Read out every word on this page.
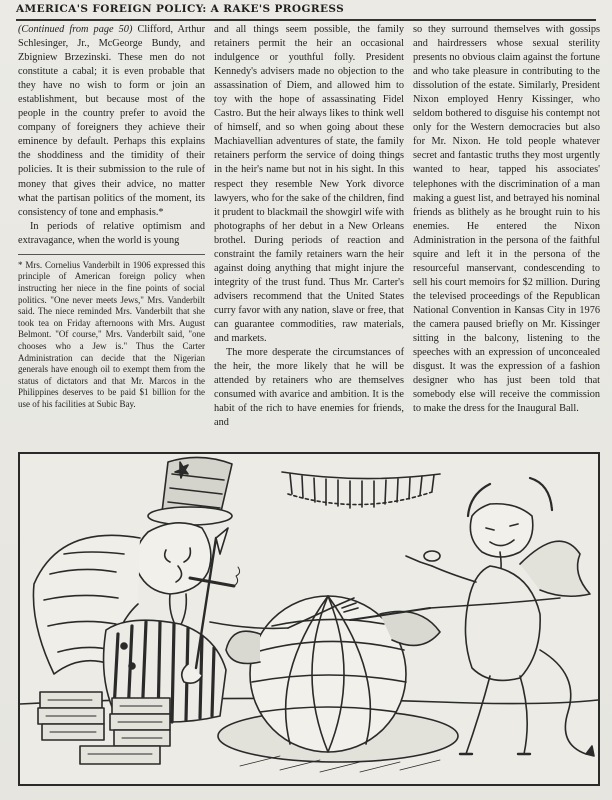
AMERICA'S FOREIGN POLICY: A RAKE'S PROGRESS

(Continued from page 50) Clifford, Arthur Schlesinger, Jr., McGeorge Bundy, and Zbigniew Brzezinski. These men do not constitute a cabal; it is even probable that they have no wish to form or join an establishment, but because most of the people in the country prefer to avoid the company of foreigners they achieve their eminence by default. Perhaps this explains the shoddiness and the timidity of their policies. It is their submission to the rule of money that gives their advice, no matter what the partisan politics of the moment, its consistency of tone and emphasis.*

In periods of relative optimism and extravagance, when the world is young

* Mrs. Cornelius Vanderbilt in 1906 expressed this principle of American foreign policy when instructing her niece in the fine points of social politics. "One never meets Jews," Mrs. Vanderbilt said. The niece reminded Mrs. Vanderbilt that she took tea on Friday afternoons with Mrs. August Belmont. "Of course," Mrs. Vanderbilt said, "one chooses who a Jew is." Thus the Carter Administration can decide that the Nigerian generals have enough oil to exempt them from the status of dictators and that Mr. Marcos in the Philippines deserves to be paid $1 billion for the use of his facilities at Subic Bay.

and all things seem possible, the family retainers permit the heir an occasional indulgence or youthful folly. President Kennedy's advisers made no objection to the assassination of Diem, and allowed him to toy with the hope of assassinating Fidel Castro. But the heir always likes to think well of himself, and so when going about these Machiavellian adventures of state, the family retainers perform the service of doing things in the heir's name but not in his sight. In this respect they resemble New York divorce lawyers, who for the sake of the children, find it prudent to blackmail the showgirl wife with photographs of her debut in a New Orleans brothel. During periods of reaction and constraint the family retainers warn the heir against doing anything that might injure the integrity of the trust fund. Thus Mr. Carter's advisers recommend that the United States curry favor with any nation, slave or free, that can guarantee commodities, raw materials, and markets.

The more desperate the circumstances of the heir, the more likely that he will be attended by retainers who are themselves consumed with avarice and ambition. It is the habit of the rich to have enemies for friends, and

so they surround themselves with gossips and hairdressers whose sexual sterility presents no obvious claim against the fortune and who take pleasure in contributing to the dissolution of the estate. Similarly, President Nixon employed Henry Kissinger, who seldom bothered to disguise his contempt not only for the Western democracies but also for Mr. Nixon. He told people whatever secret and fantastic truths they most urgently wanted to hear, tapped his associates' telephones with the discrimination of a man making a guest list, and betrayed his nominal friends as blithely as he brought ruin to his enemies. He entered the Nixon Administration in the persona of the faithful squire and left it in the persona of the resourceful manservant, condescending to sell his court memoirs for $2 million. During the televised proceedings of the Republican National Convention in Kansas City in 1976 the camera paused briefly on Mr. Kissinger sitting in the balcony, listening to the speeches with an expression of unconcealed disgust. It was the expression of a fashion designer who has just been told that somebody else will receive the commission to make the dress for the Inaugural Ball.
